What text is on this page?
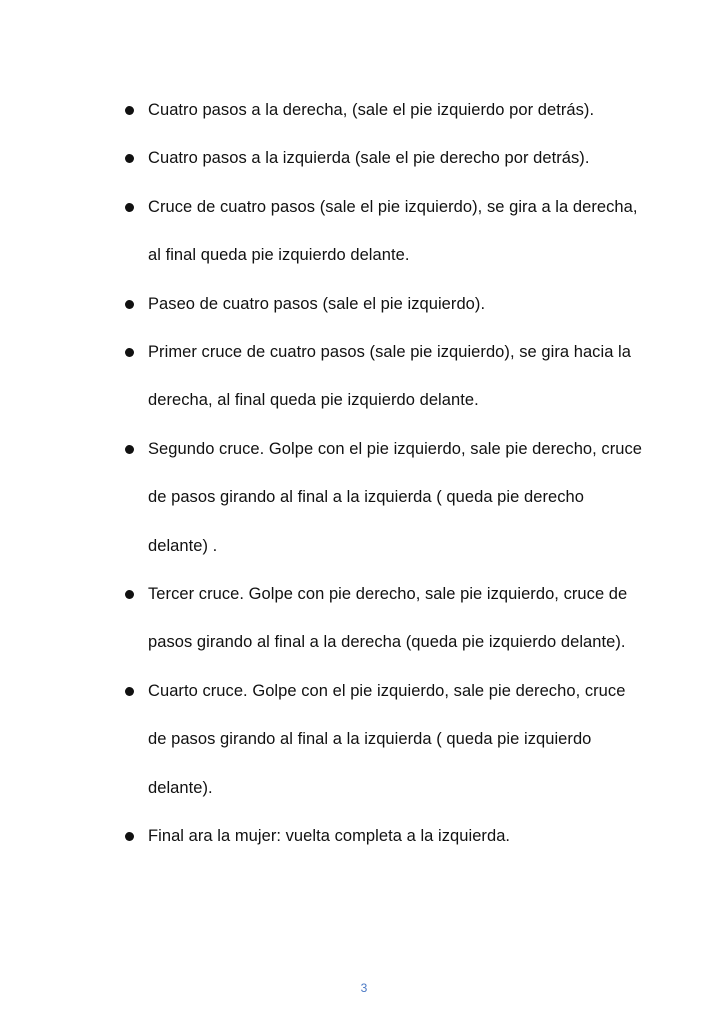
Cuatro pasos a la derecha, (sale el pie izquierdo por detrás).
Cuatro pasos a la izquierda (sale el pie derecho por detrás).
Cruce de cuatro pasos (sale el pie izquierdo), se gira a la derecha, al final queda pie izquierdo delante.
Paseo de cuatro pasos (sale el pie izquierdo).
Primer cruce de cuatro pasos (sale pie izquierdo), se gira hacia la derecha, al final queda pie izquierdo delante.
Segundo cruce. Golpe con el pie izquierdo, sale pie derecho, cruce de pasos girando al final a la izquierda ( queda pie derecho delante) .
Tercer cruce. Golpe con pie derecho, sale pie izquierdo, cruce de pasos girando al final a la derecha (queda pie izquierdo delante).
Cuarto cruce. Golpe con el pie izquierdo, sale pie derecho, cruce de pasos girando al final a la izquierda ( queda pie izquierdo delante).
Final ara la mujer: vuelta completa a la izquierda.
3
